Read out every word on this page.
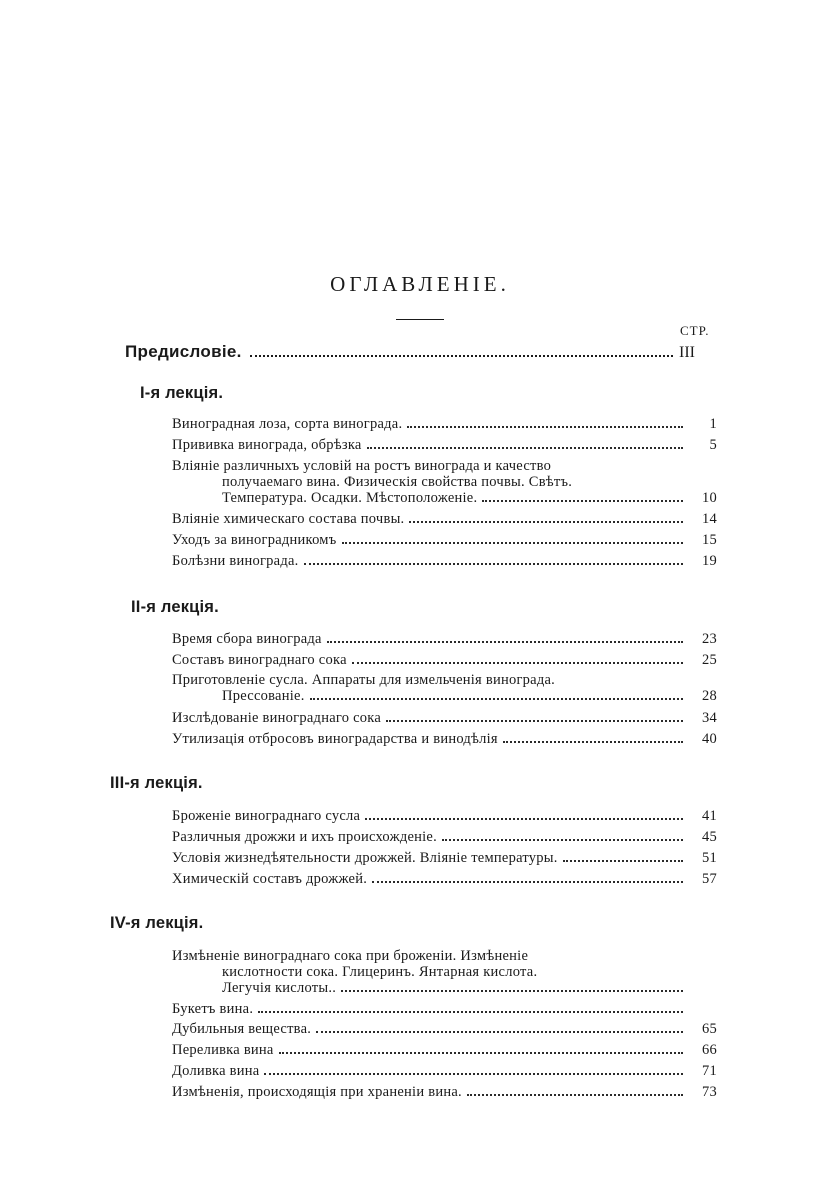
ОГЛАВЛЕНIЕ.
СТР.
Предисловiе.	III
I-я лекцiя.
II-я лекцiя.
III-я лекцiя.
IV-я лекцiя.
Виноградная лоза, сорта винограда.	1
Прививка винограда, обрѣзка	5
Влiянiе различныхъ условiй на ростъ винограда и качество
получаемаго вина. Физическiя свойства почвы. Свѣтъ.
Температура. Осадки. Мѣстоположенiе.	10
Влiянiе химическаго состава почвы.	14
Уходъ за виноградникомъ	15
Болѣзни винограда.	19
Время сбора винограда	23
Составъ винограднаго сока	25
Приготовленiе сусла. Аппараты для измельченiя винограда.
Прессованiе.	28
Изслѣдованiе винограднаго сока	34
Утилизацiя отбросовъ виноградарства и винодѣлiя	40
Броженiе винограднаго сусла	41
Различныя дрожжи и ихъ происхожденiе.	45
Условiя жизнедѣятельности дрожжей. Влiянiе температуры.	51
Химическiй составъ дрожжей.	57
Измѣненiе винограднаго сока при броженiи. Измѣненiе
кислотности сока. Глицеринъ. Янтарная кислота.
Легучiя кислоты..
Букетъ вина.
Дубильныя вещества.	65
Переливка вина	66
Доливка вина	71
Измѣненiя, происходящiя при храненiи вина.	73
